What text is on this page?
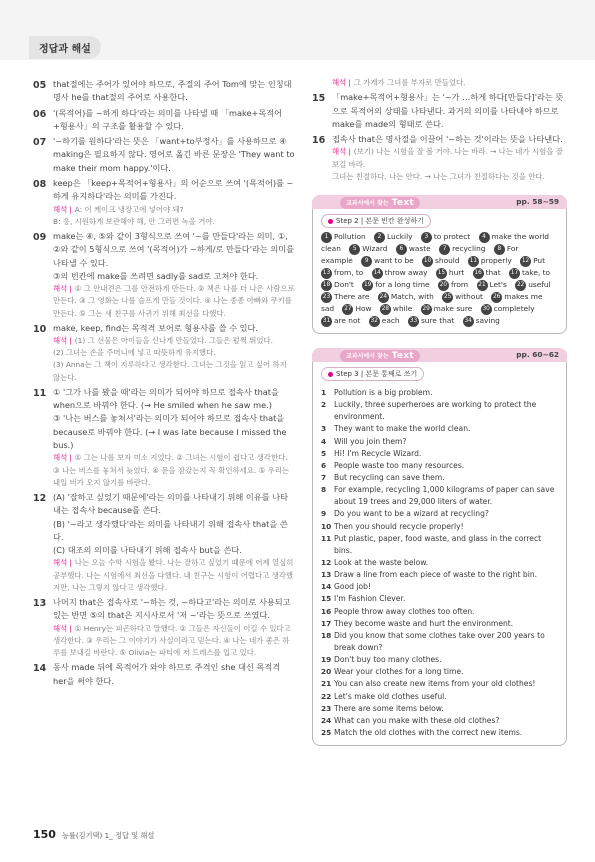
정답과 해설
05 that절에는 주어가 있어야 하므로, 주절의 주어 Tom에 맞는 인칭대명사 he를 that절의 주어로 사용한다.
06 '(목적어)를 ~하게 하다'라는 의미를 나타낼 때 「make+목적어+형용사」의 구조를 활용할 수 있다.
07 '~하기를 원하다'라는 뜻은 「want+to부정사」를 사용하므로 ④ making은 필요하지 않다. 영어로 옮긴 바른 문장은 'They want to make their mom happy.'이다.
08 keep은 「keep+목적어+형용사」의 어순으로 쓰여 '(목적어)를 ~하게 유지하다'라는 의미를 가진다.
해석 | A: 이 케이크 냉장고에 넣어야 돼?
B: 응, 시원하게 보관해야 해, 안 그러면 녹을 거야.
09 make는 ④, ⑤와 같이 3형식으로 쓰여 '~를 만들다'라는 의미, ①, ②와 같이 5형식으로 쓰여 '(목적어)가 ~하게/로 만들다'라는 의미를 나타낼 수 있다.
③의 빈칸에 make를 쓰려면 sadly를 sad로 고쳐야 한다.
해석 | ① 그 안내견은 그를 안전하게 만든다. ② 책은 나를 더 나은 사람으로 만든다. ③ 그 영화는 나를 슬프게 만들 것이다. ④ 나는 종종 아빠와 쿠키를 만든다. ⑤ 그는 새 친구를 사귀기 위해 최선을 다했다.
10 make, keep, find는 목적격 보어로 형용사를 쓸 수 있다.
해석 | (1) 그 선물은 아이들을 신나게 만들었다. 그들은 펄쩍 뛰었다.
(2) 그녀는 손을 주머니에 넣고 따뜻하게 유지했다.
(3) Anna는 그 책이 지루하다고 생각한다. 그녀는 그것을 읽고 싶어 하지 않는다.
11 ① '그가 나를 봤을 때'라는 의미가 되어야 하므로 접속사 that을 when으로 바꿔야 한다. (→ He smiled when he saw me.)
③ '나는 버스를 놓쳐서'라는 의미가 되어야 하므로 접속사 that을 because로 바꿔야 한다. (→ I was late because I missed the bus.)
해석 | ① 그는 나를 보자 미소 지었다. ② 그녀는 시험이 쉽다고 생각한다. ③ 나는 버스를 놓쳐서 늦었다. ④ 문을 잠갔는지 꼭 확인하세요. ⑤ 우리는 내일 비가 오지 않기를 바란다.
12 (A) '잘하고 싶었기 때문에'라는 의미를 나타내기 위해 이유를 나타내는 접속사 because를 쓴다.
(B) '~라고 생각했다'라는 의미를 나타내기 위해 접속사 that을 쓴다.
(C) 대조의 의미를 나타내기 위해 접속사 but을 쓴다.
해석 | 나는 오늘 수학 시험을 봤다. 나는 잘하고 싶었기 때문에 어제 열심히 공부했다. 나는 시험에서 최선을 다했다. 내 친구는 시험이 어렵다고 생각했지만, 나는 그렇지 않다고 생각했다.
13 나머지 that은 접속사로 '~하는 것, ~하다고'라는 의미로 사용되고 있는 반면 ⑤의 that은 지시사로서 '저 ~'라는 뜻으로 쓰였다.
해석 | ① Henry는 피곤하다고 말했다. ② 그들은 자신들이 이길 수 있다고 생각한다. ③ 우리는 그 이야기가 사실이라고 믿는다. ④ 나는 네가 좋은 하루를 보내길 바란다. ⑤ Olivia는 파티에 저 드레스를 입고 있다.
14 동사 made 뒤에 목적어가 와야 하므로 주격인 she 대신 목적격 her을 써야 한다.
해석 | 그 가게가 그녀를 부자로 만들었다.
15 「make+목적어+형용사」는 '~가 …하게 하다[만들다]'라는 뜻으로 목적어의 상태를 나타낸다. 과거의 의미를 나타내야 하므로 make를 made의 형태로 쓴다.
16 접속사 that은 명사절을 이끌어 '~하는 것'이라는 뜻을 나타낸다.
해석 | (보기) 나는 시험을 잘 볼 거야. 나는 바라. → 나는 네가 시험을 잘 보길 바라.
그녀는 친절하다. 나는 안다. → 나는 그녀가 친절하다는 것을 안다.
교과서에서 찾는 Text	pp. 58~59
Step 2 | 본문 빈칸 완성하기
1 Pollution 2 Luckily 3 to protect 4 make the world clean 5 Wizard 6 waste 7 recycling 8 For example 9 want to be 10 should 11 properly 12 Put 13 from, to 14 throw away 15 hurt 16 that 17 take, to 18 Don't 19 for a long time 20 from 21 Let's 22 useful 23 There are 24 Match, with 25 without 26 makes me sad 27 How 28 while 29 make sure 30 completely 31 are not 32 each 33 sure that 34 saving
교과서에서 찾는 Text	pp. 60~62
Step 3 | 본문 통째로 쓰기
1 Pollution is a big problem.
2 Luckily, three superheroes are working to protect the environment.
3 They want to make the world clean.
4 Will you join them?
5 Hi! I'm Recycle Wizard.
6 People waste too many resources.
7 But recycling can save them.
8 For example, recycling 1,000 kilograms of paper can save about 19 trees and 29,000 liters of water.
9 Do you want to be a wizard at recycling?
10 Then you should recycle properly!
11 Put plastic, paper, food waste, and glass in the correct bins.
12 Look at the waste below.
13 Draw a line from each piece of waste to the right bin.
14 Good job!
15 I'm Fashion Clever.
16 People throw away clothes too often.
17 They become waste and hurt the environment.
18 Did you know that some clothes take over 200 years to break down?
19 Don't buy too many clothes.
20 Wear your clothes for a long time.
21 You can also create new items from your old clothes!
22 Let's make old clothes useful.
23 There are some items below.
24 What can you make with these old clothes?
25 Match the old clothes with the correct new items.
150 능률(김기택) 1_ 정답 및 해설
